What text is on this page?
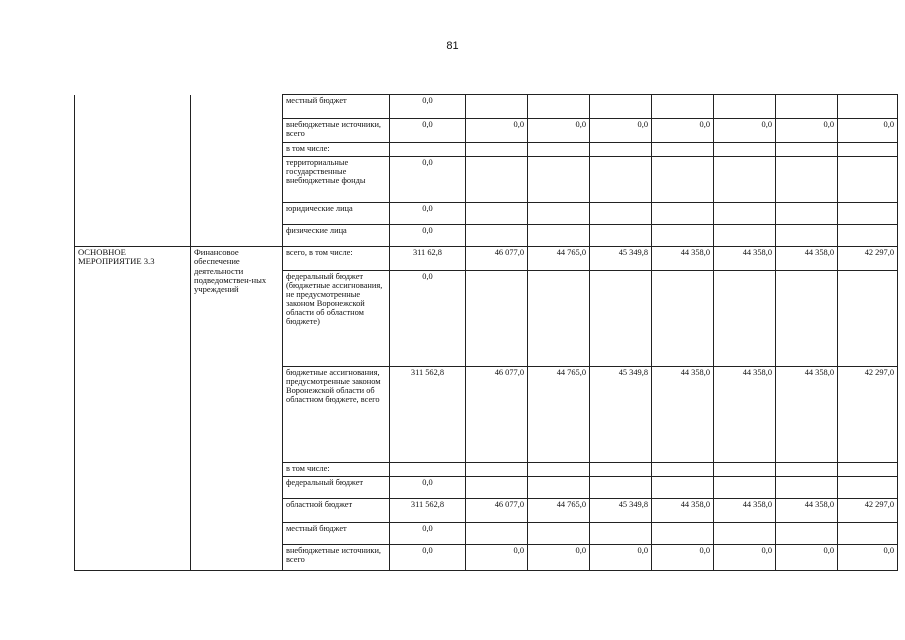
81
		местный бюджет	0,0							
		внебюджетные источники, всего	0,0	0,0	0,0	0,0	0,0	0,0	0,0	0,0
		в том числе:								
		территориальные государственные внебюджетные фонды	0,0							
		юридические лица	0,0							
		физические лица	0,0							
ОСНОВНОЕ МЕРОПРИЯТИЕ 3.3	Финансовое обеспечение деятельности подведомствен-ных учреждений	всего, в том числе:	311 62,8	46 077,0	44 765,0	45 349,8	44 358,0	44 358,0	44 358,0	42 297,0
		федеральный бюджет (бюджетные ассигнования, не предусмотренные законом Воронежской области об областном бюджете)	0,0							
		бюджетные ассигнования, предусмотренные законом Воронежской области об областном бюджете, всего	311 562,8	46 077,0	44 765,0	45 349,8	44 358,0	44 358,0	44 358,0	42 297,0
		в том числе:								
		федеральный бюджет	0,0							
		областной бюджет	311 562,8	46 077,0	44 765,0	45 349,8	44 358,0	44 358,0	44 358,0	42 297,0
		местный бюджет	0,0							
		внебюджетные источники, всего	0,0	0,0	0,0	0,0	0,0	0,0	0,0	0,0
